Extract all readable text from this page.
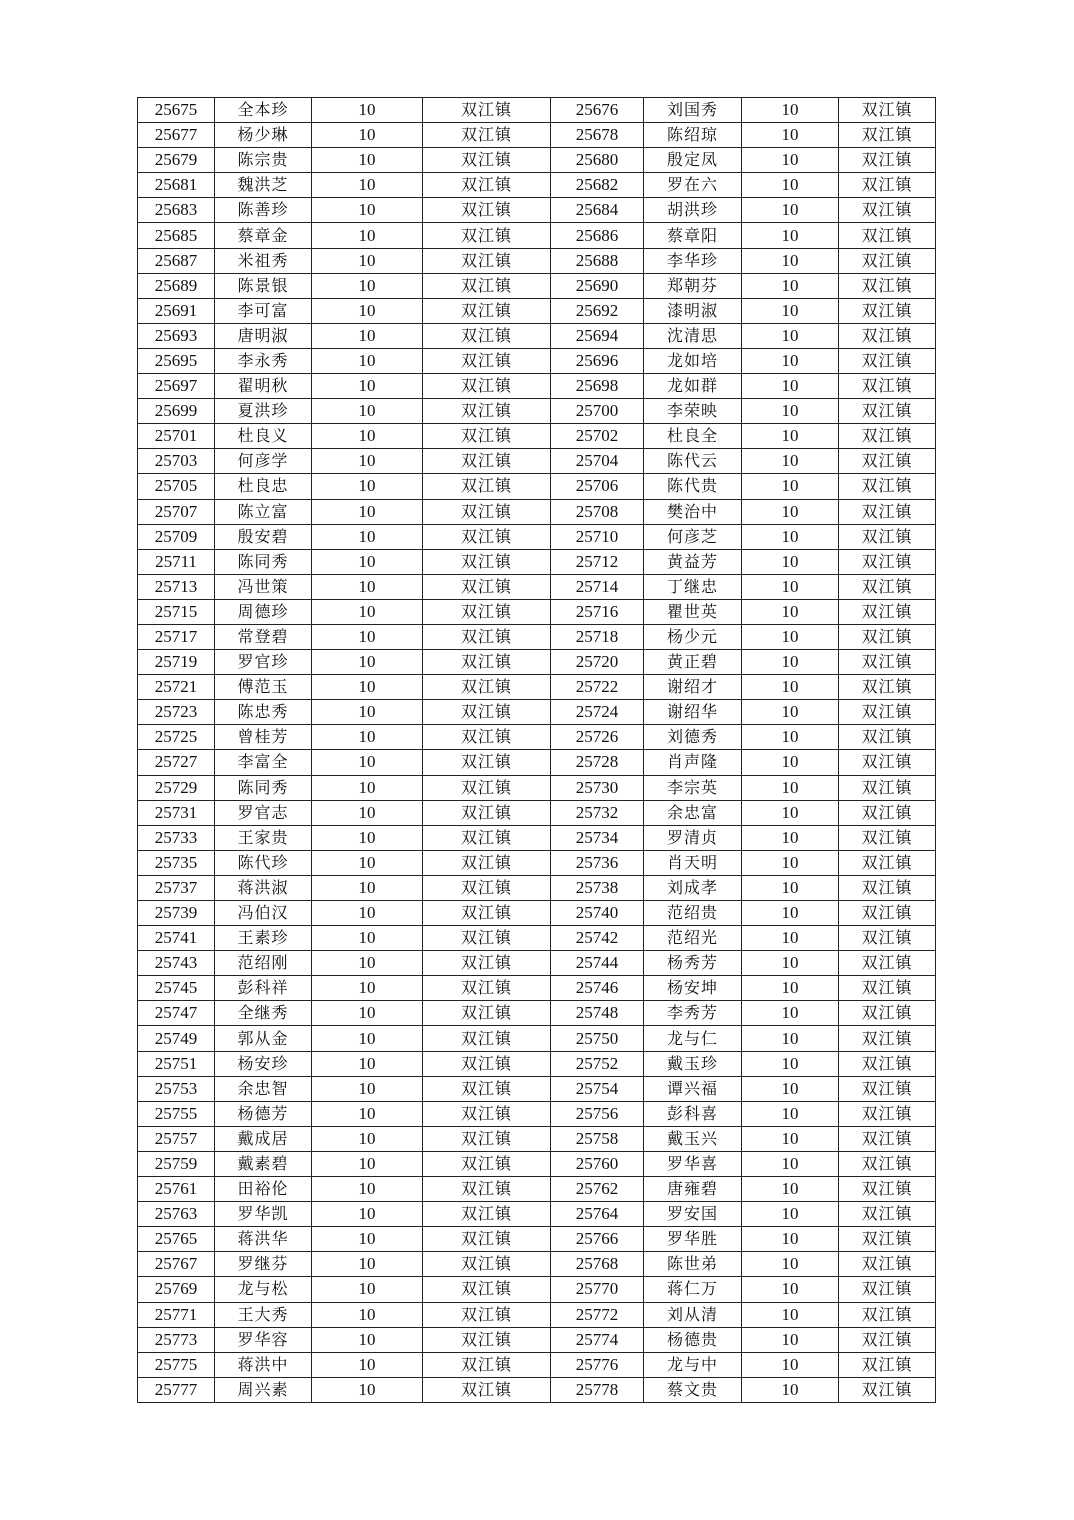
25675	全本珍	10	双江镇	25676	刘国秀	10	双江镇
25677	杨少琳	10	双江镇	25678	陈绍琼	10	双江镇
25679	陈宗贵	10	双江镇	25680	殷定凤	10	双江镇
25681	魏洪芝	10	双江镇	25682	罗在六	10	双江镇
25683	陈善珍	10	双江镇	25684	胡洪珍	10	双江镇
25685	蔡章金	10	双江镇	25686	蔡章阳	10	双江镇
25687	米祖秀	10	双江镇	25688	李华珍	10	双江镇
25689	陈景银	10	双江镇	25690	郑朝芬	10	双江镇
25691	李可富	10	双江镇	25692	漆明淑	10	双江镇
25693	唐明淑	10	双江镇	25694	沈清思	10	双江镇
25695	李永秀	10	双江镇	25696	龙如培	10	双江镇
25697	翟明秋	10	双江镇	25698	龙如群	10	双江镇
25699	夏洪珍	10	双江镇	25700	李荣映	10	双江镇
25701	杜良义	10	双江镇	25702	杜良全	10	双江镇
25703	何彦学	10	双江镇	25704	陈代云	10	双江镇
25705	杜良忠	10	双江镇	25706	陈代贵	10	双江镇
25707	陈立富	10	双江镇	25708	樊治中	10	双江镇
25709	殷安碧	10	双江镇	25710	何彦芝	10	双江镇
25711	陈同秀	10	双江镇	25712	黄益芳	10	双江镇
25713	冯世策	10	双江镇	25714	丁继忠	10	双江镇
25715	周德珍	10	双江镇	25716	瞿世英	10	双江镇
25717	常登碧	10	双江镇	25718	杨少元	10	双江镇
25719	罗官珍	10	双江镇	25720	黄正碧	10	双江镇
25721	傅范玉	10	双江镇	25722	谢绍才	10	双江镇
25723	陈忠秀	10	双江镇	25724	谢绍华	10	双江镇
25725	曾桂芳	10	双江镇	25726	刘德秀	10	双江镇
25727	李富全	10	双江镇	25728	肖声隆	10	双江镇
25729	陈同秀	10	双江镇	25730	李宗英	10	双江镇
25731	罗官志	10	双江镇	25732	余忠富	10	双江镇
25733	王家贵	10	双江镇	25734	罗清贞	10	双江镇
25735	陈代珍	10	双江镇	25736	肖天明	10	双江镇
25737	蒋洪淑	10	双江镇	25738	刘成孝	10	双江镇
25739	冯伯汉	10	双江镇	25740	范绍贵	10	双江镇
25741	王素珍	10	双江镇	25742	范绍光	10	双江镇
25743	范绍刚	10	双江镇	25744	杨秀芳	10	双江镇
25745	彭科祥	10	双江镇	25746	杨安坤	10	双江镇
25747	全继秀	10	双江镇	25748	李秀芳	10	双江镇
25749	郭从金	10	双江镇	25750	龙与仁	10	双江镇
25751	杨安珍	10	双江镇	25752	戴玉珍	10	双江镇
25753	余忠智	10	双江镇	25754	谭兴福	10	双江镇
25755	杨德芳	10	双江镇	25756	彭科喜	10	双江镇
25757	戴成居	10	双江镇	25758	戴玉兴	10	双江镇
25759	戴素碧	10	双江镇	25760	罗华喜	10	双江镇
25761	田裕伦	10	双江镇	25762	唐雍碧	10	双江镇
25763	罗华凯	10	双江镇	25764	罗安国	10	双江镇
25765	蒋洪华	10	双江镇	25766	罗华胜	10	双江镇
25767	罗继芬	10	双江镇	25768	陈世弟	10	双江镇
25769	龙与松	10	双江镇	25770	蒋仁万	10	双江镇
25771	王大秀	10	双江镇	25772	刘从清	10	双江镇
25773	罗华容	10	双江镇	25774	杨德贵	10	双江镇
25775	蒋洪中	10	双江镇	25776	龙与中	10	双江镇
25777	周兴素	10	双江镇	25778	蔡文贵	10	双江镇
